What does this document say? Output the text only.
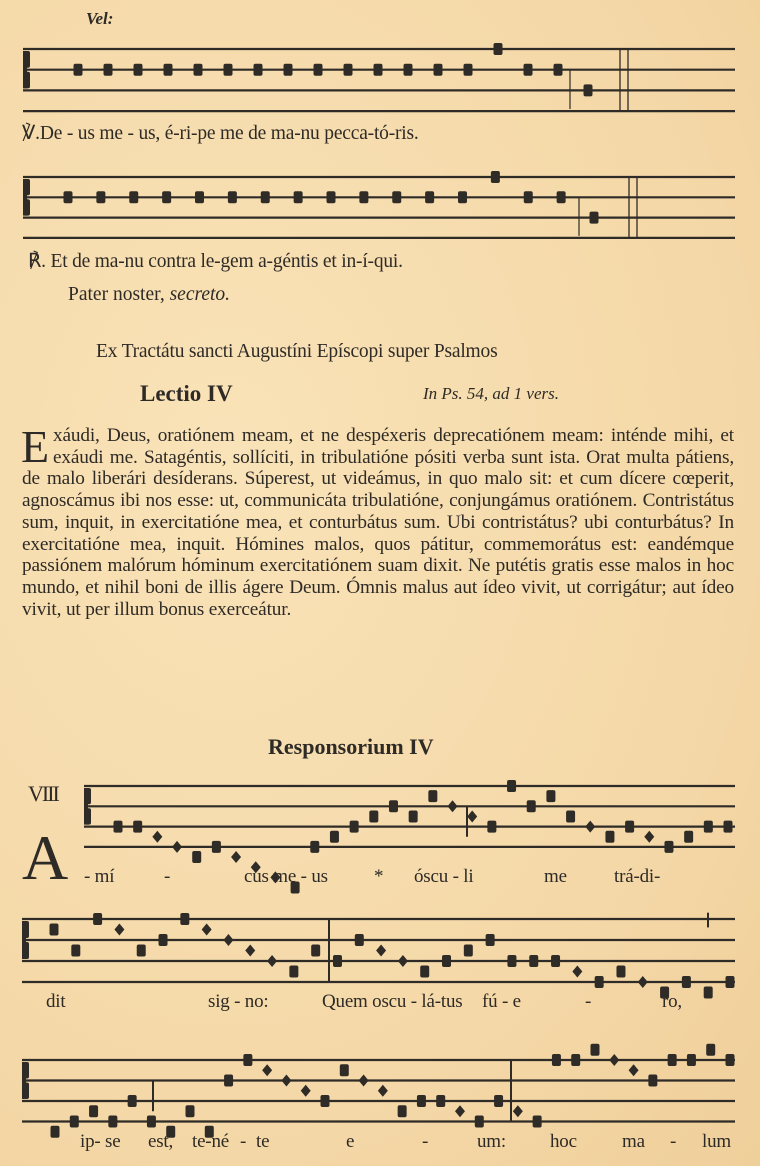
Vel:
℣.De - us me - us, é-ri-pe me de ma-nu pecca-tó-ris.
℟. Et de ma-nu contra le-gem a-géntis et in-í-qui.
Pater noster, secreto.
Ex Tractátu sancti Augustíni Epíscopi super Psalmos
Lectio IV	In Ps. 54, ad 1 vers.

Exáudi, Deus, oratiónem meam, et ne despéxeris deprecatiónem meam: inténde mihi, et exáudi me. Satagéntis, sollíciti, in tribulatióne pósiti verba sunt ista. Orat multa pátiens, de malo liberári desíderans. Súperest, ut videámus, in quo malo sit: et cum dícere cœperit, agnoscámus ibi nos esse: ut, communicáta tribulatióne, conjungámus oratiónem. Contristátus sum, inquit, in exercitatióne mea, et conturbátus sum. Ubi contristátus? ubi conturbátus? In exercitatióne mea, inquit. Hómines malos, quos pátitur, commemorátus est: eandémque passiónem malórum hóminum exercitatiónem suam dixit. Ne putétis gratis esse malos in hoc mundo, et nihil boni de illis ágere Deum. Ómnis malus aut ídeo vivit, ut corrigátur; aut ídeo vivit, ut per illum bonus exerceátur.

Responsorium IV
VIII
A - mí	-	cus me - us * óscu - li	me trá-di-
dit	sig - no:	Quem oscu - lá-tus fú - e	-	ro,
ip- se est, te-né - te	e	-	um: hoc ma - lum
